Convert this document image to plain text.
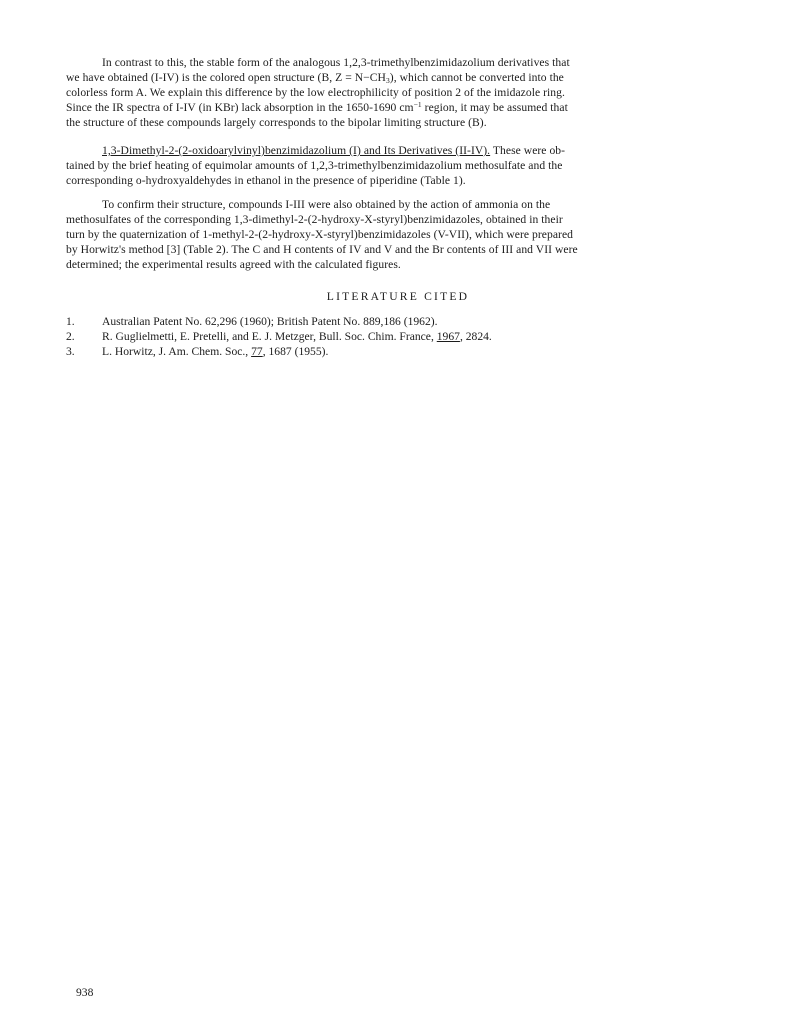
In contrast to this, the stable form of the analogous 1,2,3-trimethylbenzimidazolium derivatives that
we have obtained (I-IV) is the colored open structure (B, $Z = N-CH_3$), which cannot be converted into the
colorless form A. We explain this difference by the low electrophilicity of position 2 of the imidazole ring.
Since the IR spectra of I-IV (in KBr) lack absorption in the 1650-1690 $cm^{-1}$ region, it may be assumed that
the structure of these compounds largely corresponds to the bipolar limiting structure (B).

1,3-Dimethyl-2-(2-oxidoarylvinyl)benzimidazolium (I) and Its Derivatives (II-IV). These were ob-
tained by the brief heating of equimolar amounts of 1,2,3-trimethylbenzimidazolium methosulfate and the
corresponding o-hydroxyaldehydes in ethanol in the presence of piperidine (Table 1).

To confirm their structure, compounds I-III were also obtained by the action of ammonia on the
methosulfates of the corresponding 1,3-dimethyl-2-(2-hydroxy-X-styryl)benzimidazoles, obtained in their
turn by the quaternization of 1-methyl-2-(2-hydroxy-X-styryl)benzimidazoles (V-VII), which were prepared
by Horwitz's method [3] (Table 2). The C and H contents of IV and V and the Br contents of III and VII were
determined; the experimental results agreed with the calculated figures.

LITERATURE CITED
1. Australian Patent No. 62,296 (1960); British Patent No. 889,186 (1962).
2. R. Guglielmetti, E. Pretelli, and E. J. Metzger, Bull. Soc. Chim. France, 1967, 2824.
3. L. Horwitz, J. Am. Chem. Soc., 77, 1687 (1955).
938
